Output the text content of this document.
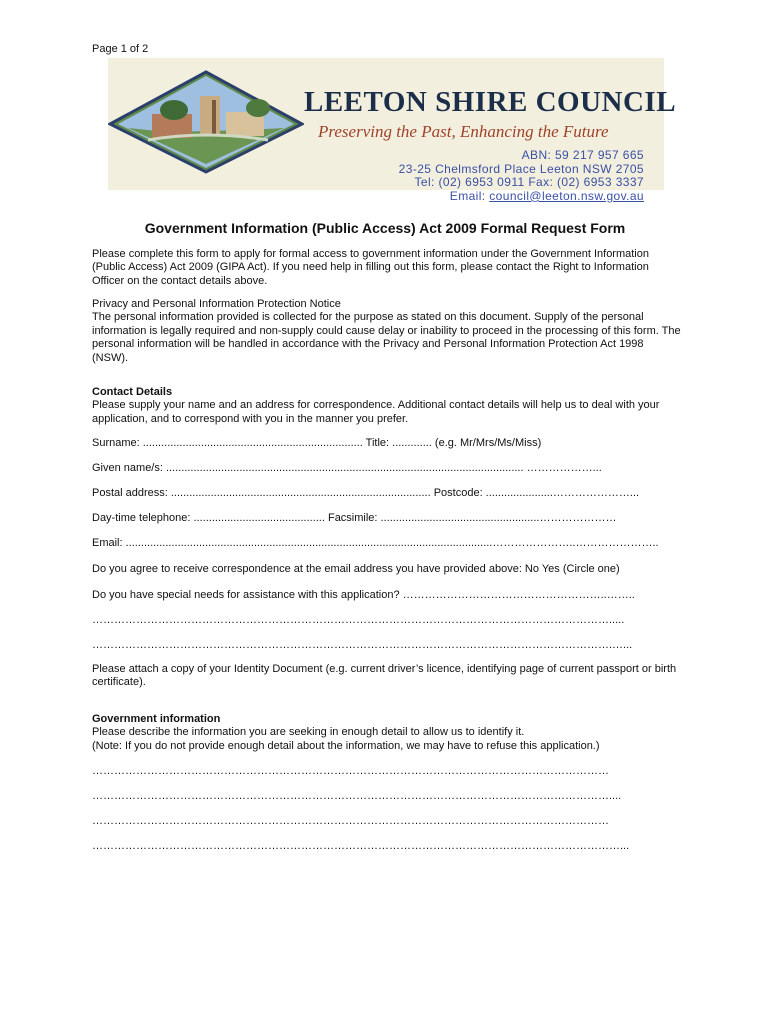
Page 1 of 2
LEETON SHIRE COUNCIL
Preserving the Past, Enhancing the Future
ABN: 59 217 957 665
23-25 Chelmsford Place Leeton NSW 2705
Tel: (02) 6953 0911 Fax: (02) 6953 3337
Email: council@leeton.nsw.gov.au
Government Information (Public Access) Act 2009 Formal Request Form
Please complete this form to apply for formal access to government information under the Government Information (Public Access) Act 2009 (GIPA Act). If you need help in filling out this form, please contact the Right to Information Officer on the contact details above.
Privacy and Personal Information Protection Notice
The personal information provided is collected for the purpose as stated on this document. Supply of the personal information is legally required and non-supply could cause delay or inability to proceed in the processing of this form. The personal information will be handled in accordance with the Privacy and Personal Information Protection Act 1998 (NSW).
Contact Details
Please supply your name and an address for correspondence. Additional contact details will help us to deal with your application, and to correspond with you in the manner you prefer.
Surname: ........................................................................ Title: ............. (e.g. Mr/Mrs/Ms/Miss)
Given name/s: ..................................................................................................................... ………………...
Postal address: ..................................................................................... Postcode: ......................…………………...
Day-time telephone: ........................................... Facsimile: ....................................................…………………
Email: ........................................................................................................................…………………..…………………..
Do you agree to receive correspondence at the email address you have provided above: No Yes (Circle one)
Do you have special needs for assistance with this application? ………………………………………………..……..
…………………………………………………………………………………………………………………………….....
…………………………………………………………………………………………………………………………….…...
Please attach a copy of your Identity Document (e.g. current driver’s licence, identifying page of current passport or birth certificate).
Government information
Please describe the information you are seeking in enough detail to allow us to identify it.
(Note: If you do not provide enough detail about the information, we may have to refuse this application.)
……………………………………………………………………………………………………………………………
……………………………………………………………………………………………………………………………....
……………………………………………………………………………………………………………………………
………………………………………………………………………………………………………………………………...
